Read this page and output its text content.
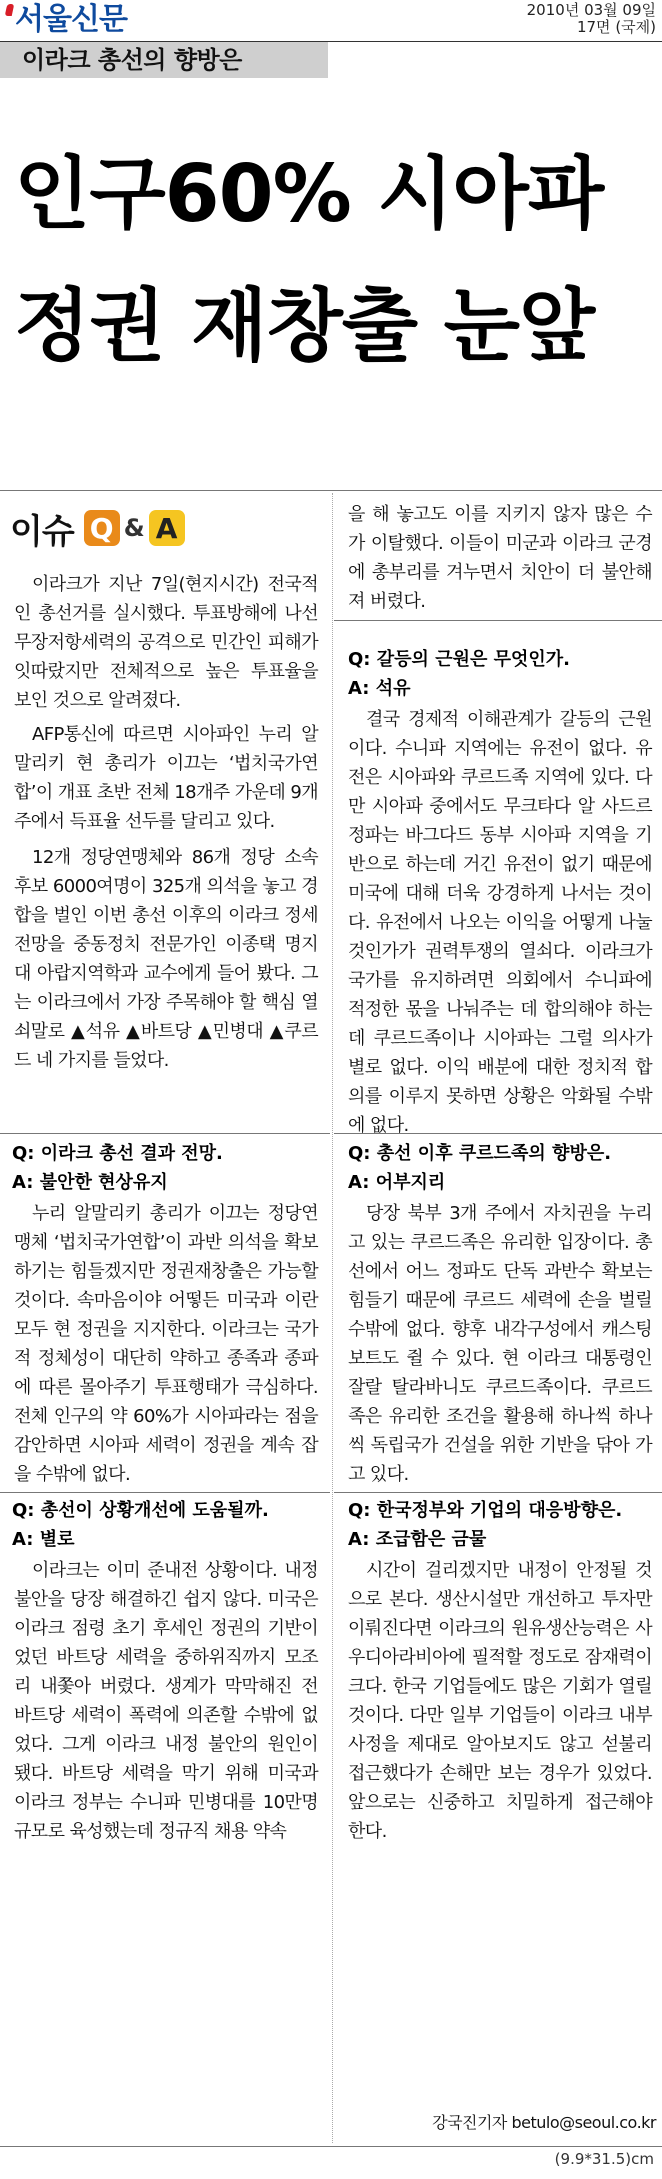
서울신문	2010년 03월 09일
17면 (국제)
이라크 총선의 향방은
인구60% 시아파
정권 재창출 눈앞
이슈 Q & A
이라크가 지난 7일(현지시간) 전국적인 총선거를 실시했다. 투표방해에 나선 무장저항세력의 공격으로 민간인 피해가 잇따랐지만 전체적으로 높은 투표율을 보인 것으로 알려졌다.
AFP통신에 따르면 시아파인 누리 알말리키 현 총리가 이끄는 ‘법치국가연합’이 개표 초반 전체 18개주 가운데 9개주에서 득표율 선두를 달리고 있다.
12개 정당연맹체와 86개 정당 소속 후보 6000여명이 325개 의석을 놓고 경합을 벌인 이번 총선 이후의 이라크 정세 전망을 중동정치 전문가인 이종택 명지대 아랍지역학과 교수에게 들어 봤다. 그는 이라크에서 가장 주목해야 할 핵심 열쇠말로 ▲석유 ▲바트당 ▲민병대 ▲쿠르드 네 가지를 들었다.
Q: 이라크 총선 결과 전망.
A: 불안한 현상유지
누리 알말리키 총리가 이끄는 정당연맹체 ‘법치국가연합’이 과반 의석을 확보하기는 힘들겠지만 정권재창출은 가능할 것이다. 속마음이야 어떻든 미국과 이란 모두 현 정권을 지지한다. 이라크는 국가적 정체성이 대단히 약하고 종족과 종파에 따른 몰아주기 투표행태가 극심하다. 전체 인구의 약 60%가 시아파라는 점을 감안하면 시아파 세력이 정권을 계속 잡을 수밖에 없다.
Q: 총선이 상황개선에 도움될까.
A: 별로
이라크는 이미 준내전 상황이다. 내정불안을 당장 해결하긴 쉽지 않다. 미국은 이라크 점령 초기 후세인 정권의 기반이었던 바트당 세력을 중하위직까지 모조리 내쫓아 버렸다. 생계가 막막해진 전 바트당 세력이 폭력에 의존할 수밖에 없었다. 그게 이라크 내정 불안의 원인이 됐다. 바트당 세력을 막기 위해 미국과 이라크 정부는 수니파 민병대를 10만명 규모로 육성했는데 정규직 채용 약속
을 해 놓고도 이를 지키지 않자 많은 수가 이탈했다. 이들이 미군과 이라크 군경에 총부리를 겨누면서 치안이 더 불안해져 버렸다.
Q: 갈등의 근원은 무엇인가.
A: 석유
결국 경제적 이해관계가 갈등의 근원이다. 수니파 지역에는 유전이 없다. 유전은 시아파와 쿠르드족 지역에 있다. 다만 시아파 중에서도 무크타다 알 사드르 정파는 바그다드 동부 시아파 지역을 기반으로 하는데 거긴 유전이 없기 때문에 미국에 대해 더욱 강경하게 나서는 것이다. 유전에서 나오는 이익을 어떻게 나눌 것인가가 권력투쟁의 열쇠다. 이라크가 국가를 유지하려면 의회에서 수니파에 적정한 몫을 나눠주는 데 합의해야 하는데 쿠르드족이나 시아파는 그럴 의사가 별로 없다. 이익 배분에 대한 정치적 합의를 이루지 못하면 상황은 악화될 수밖에 없다.
Q: 총선 이후 쿠르드족의 향방은.
A: 어부지리
당장 북부 3개 주에서 자치권을 누리고 있는 쿠르드족은 유리한 입장이다. 총선에서 어느 정파도 단독 과반수 확보는 힘들기 때문에 쿠르드 세력에 손을 벌릴 수밖에 없다. 향후 내각구성에서 캐스팅보트도 쥘 수 있다. 현 이라크 대통령인 잘랄 탈라바니도 쿠르드족이다. 쿠르드족은 유리한 조건을 활용해 하나씩 하나씩 독립국가 건설을 위한 기반을 닦아 가고 있다.
Q: 한국정부와 기업의 대응방향은.
A: 조급함은 금물
시간이 걸리겠지만 내정이 안정될 것으로 본다. 생산시설만 개선하고 투자만 이뤄진다면 이라크의 원유생산능력은 사우디아라비아에 필적할 정도로 잠재력이 크다. 한국 기업들에도 많은 기회가 열릴 것이다. 다만 일부 기업들이 이라크 내부사정을 제대로 알아보지도 않고 섣불리 접근했다가 손해만 보는 경우가 있었다. 앞으로는 신중하고 치밀하게 접근해야 한다.
강국진기자 betulo@seoul.co.kr
(9.9*31.5)cm
